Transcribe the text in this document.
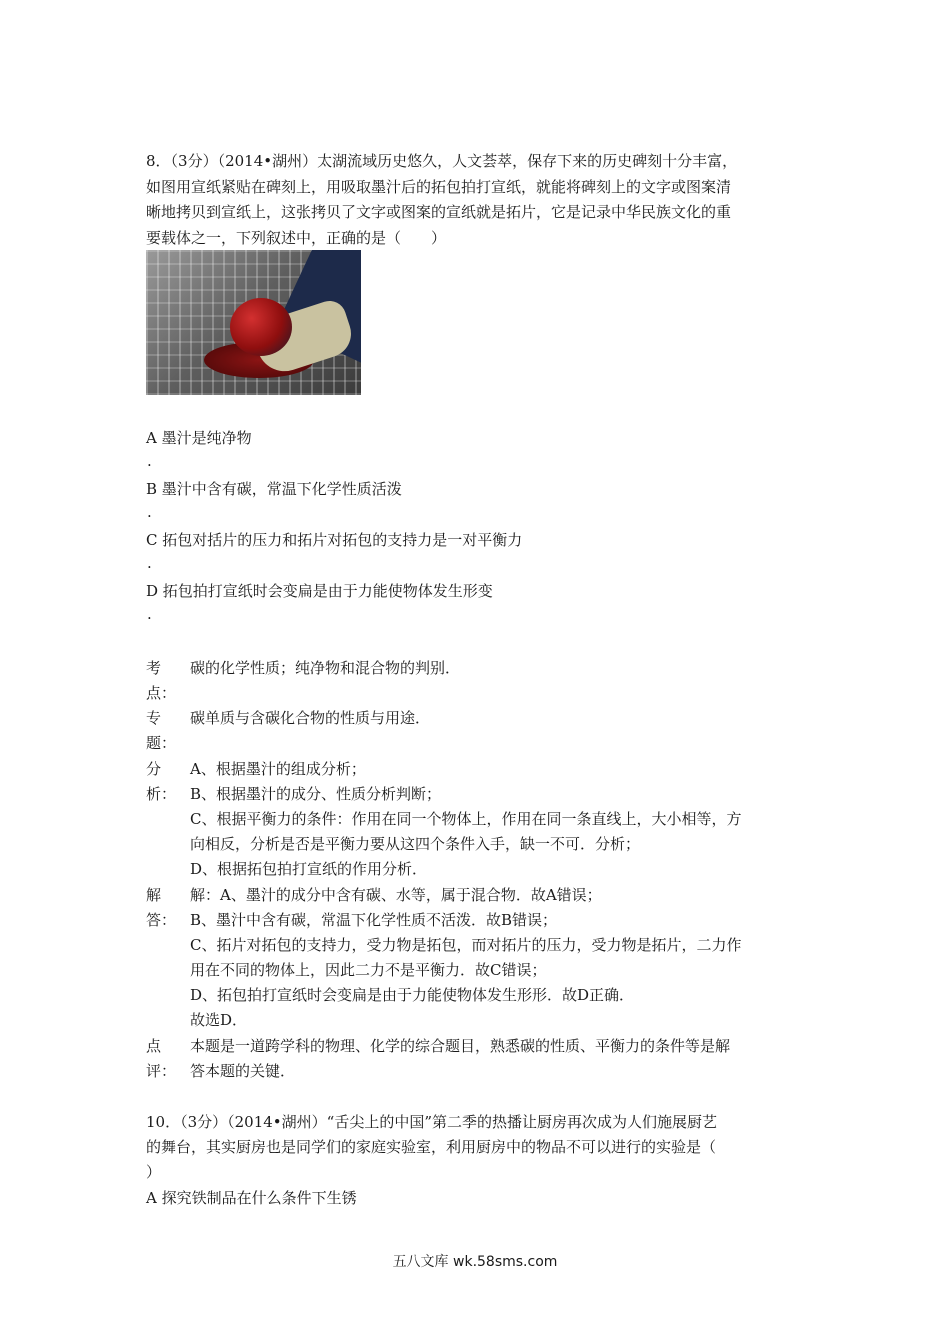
8．（3分）（2014•湖州）太湖流域历史悠久，人文荟萃，保存下来的历史碑刻十分丰富，
如图用宣纸紧贴在碑刻上，用吸取墨汁后的拓包拍打宣纸，就能将碑刻上的文字或图案清
晰地拷贝到宣纸上，这张拷贝了文字或图案的宣纸就是拓片，它是记录中华民族文化的重
要载体之一，下列叙述中，正确的是（　　）
A 墨汁是纯净物
.
B 墨汁中含有碳，常温下化学性质活泼
.
C 拓包对括片的压力和拓片对拓包的支持力是一对平衡力
.
D 拓包拍打宣纸时会变扁是由于力能使物体发生形变
.
考
点：
碳的化学性质；纯净物和混合物的判别．
专
题：
碳单质与含碳化合物的性质与用途．
分
析：
A、根据墨汁的组成分析；
B、根据墨汁的成分、性质分析判断；
C、根据平衡力的条件：作用在同一个物体上，作用在同一条直线上，大小相等，方
向相反，分析是否是平衡力要从这四个条件入手，缺一不可．分析；
D、根据拓包拍打宣纸的作用分析．
解
答：
解：A、墨汁的成分中含有碳、水等，属于混合物．故A错误；
B、墨汁中含有碳，常温下化学性质不活泼．故B错误；
C、拓片对拓包的支持力，受力物是拓包，而对拓片的压力，受力物是拓片，二力作
用在不同的物体上，因此二力不是平衡力．故C错误；
D、拓包拍打宣纸时会变扁是由于力能使物体发生形形．故D正确．
故选D．
点
评：
本题是一道跨学科的物理、化学的综合题目，熟悉碳的性质、平衡力的条件等是解
答本题的关键．
10．（3分）（2014•湖州）“舌尖上的中国”第二季的热播让厨房再次成为人们施展厨艺
的舞台，其实厨房也是同学们的家庭实验室，利用厨房中的物品不可以进行的实验是（
）
A 探究铁制品在什么条件下生锈
五八文库 wk.58sms.com
